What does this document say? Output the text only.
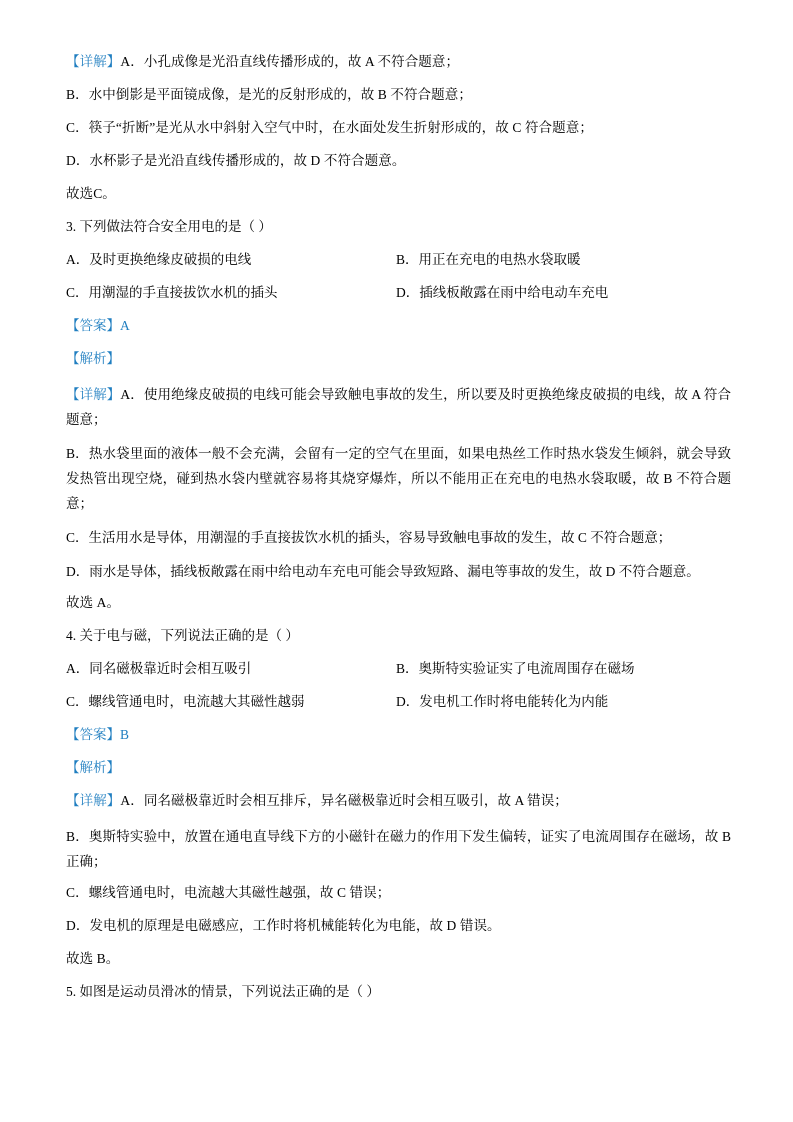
【详解】A．小孔成像是光沿直线传播形成的，故 A 不符合题意；
B．水中倒影是平面镜成像，是光的反射形成的，故 B 不符合题意；
C．筷子“折断”是光从水中斜射入空气中时，在水面处发生折射形成的，故 C 符合题意；
D．水杯影子是光沿直线传播形成的，故 D 不符合题意。
故选C。
3. 下列做法符合安全用电的是（ ）
A．及时更换绝缘皮破损的电线	B．用正在充电的电热水袋取暖
C．用潮湿的手直接拔饮水机的插头	D．插线板敞露在雨中给电动车充电
【答案】A
【解析】
【详解】A．使用绝缘皮破损的电线可能会导致触电事故的发生，所以要及时更换绝缘皮破损的电线，故 A 符合题意；
B．热水袋里面的液体一般不会充满，会留有一定的空气在里面，如果电热丝工作时热水袋发生倾斜，就会导致发热管出现空烧，碰到热水袋内壁就容易将其烧穿爆炸，所以不能用正在充电的电热水袋取暖，故 B 不符合题意；
C．生活用水是导体，用潮湿的手直接拔饮水机的插头，容易导致触电事故的发生，故 C 不符合题意；
D．雨水是导体，插线板敞露在雨中给电动车充电可能会导致短路、漏电等事故的发生，故 D 不符合题意。
故选 A。
4. 关于电与磁，下列说法正确的是（ ）
A．同名磁极靠近时会相互吸引	B．奥斯特实验证实了电流周围存在磁场
C．螺线管通电时，电流越大其磁性越弱	D．发电机工作时将电能转化为内能
【答案】B
【解析】
【详解】A．同名磁极靠近时会相互排斥，异名磁极靠近时会相互吸引，故 A 错误；
B．奥斯特实验中，放置在通电直导线下方的小磁针在磁力的作用下发生偏转，证实了电流周围存在磁场，故 B 正确；
C．螺线管通电时，电流越大其磁性越强，故 C 错误；
D．发电机的原理是电磁感应，工作时将机械能转化为电能，故 D 错误。
故选 B。
5. 如图是运动员滑冰的情景，下列说法正确的是（ ）
